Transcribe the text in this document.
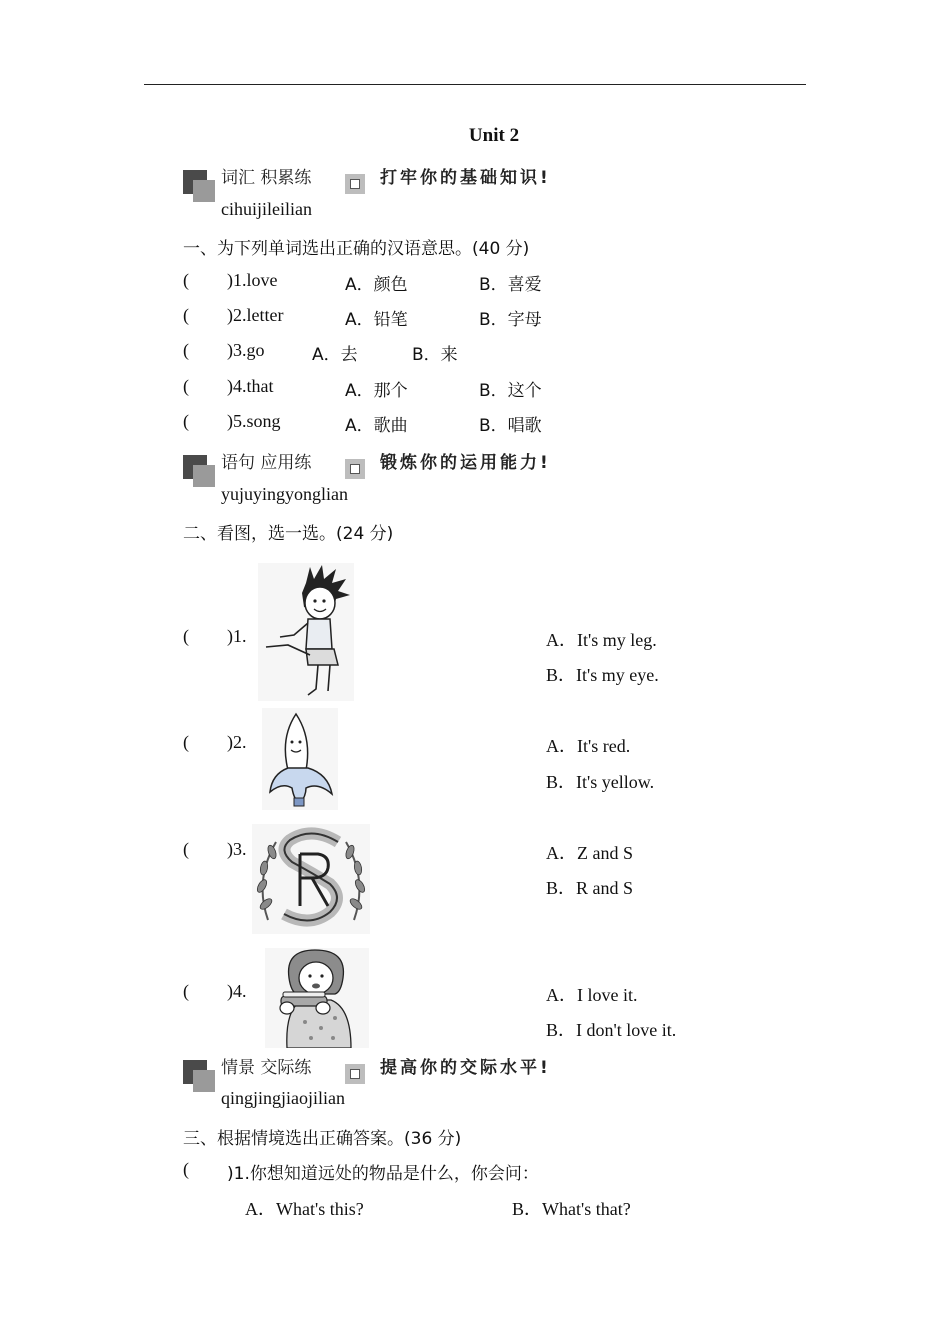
Unit 2
词汇 积累练	打牢你的基础知识!
cihuijileilian
一、为下列单词选出正确的汉语意思。(40 分)
( )1.love	A．颜色	B．喜爱
( )2.letter	A．铅笔	B．字母
( )3.go	A．去	B．来
( )4.that	A．那个	B．这个
( )5.song	A．歌曲	B．唱歌
语句 应用练	锻炼你的运用能力!
yujuyingyonglian
二、看图，选一选。(24 分)
( )1.	A．It's my leg.
B．It's my eye.
( )2.	A．It's red.
B．It's yellow.
( )3.	A．Z and S
B．R and S
( )4.	A．I love it.
B．I don't love it.
情景 交际练	提高你的交际水平!
qingjingjiaojilian
三、根据情境选出正确答案。(36 分)
( )1.你想知道远处的物品是什么，你会问：
A．What's this?	B．What's that?
